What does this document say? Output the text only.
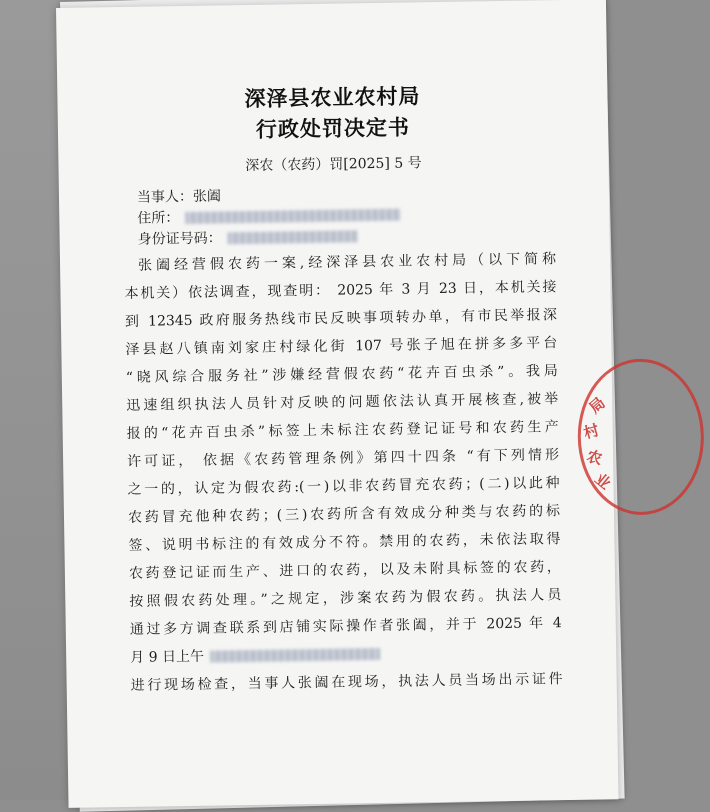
深泽县农业农村局
行政处罚决定书
深农（农药）罚[2025] 5 号
当事人：张阖
住所：
身份证号码：
张阖经营假农药一案,经深泽县农业农村局（以下简称
本机关）依法调查，现查明： 2025 年 3 月 23 日，本机关接
到 12345 政府服务热线市民反映事项转办单，有市民举报深
泽县赵八镇南刘家庄村绿化街 107 号张子旭在拼多多平台
“晓风综合服务社”涉嫌经营假农药“花卉百虫杀”。我局
迅速组织执法人员针对反映的问题依法认真开展核查,被举
报的“花卉百虫杀”标签上未标注农药登记证号和农药生产
许可证， 依据《农药管理条例》第四十四条 “有下列情形
之一的，认定为假农药:(一)以非农药冒充农药；(二)以此种
农药冒充他种农药；(三)农药所含有效成分种类与农药的标
签、说明书标注的有效成分不符。禁用的农药，未依法取得
农药登记证而生产、进口的农药，以及未附具标签的农药，
按照假农药处理。”之规定，涉案农药为假农药。执法人员
通过多方调查联系到店铺实际操作者张阖，并于 2025 年 4
月 9 日上午
进行现场检查，当事人张阖在现场，执法人员当场出示证件
局
村
农
业
